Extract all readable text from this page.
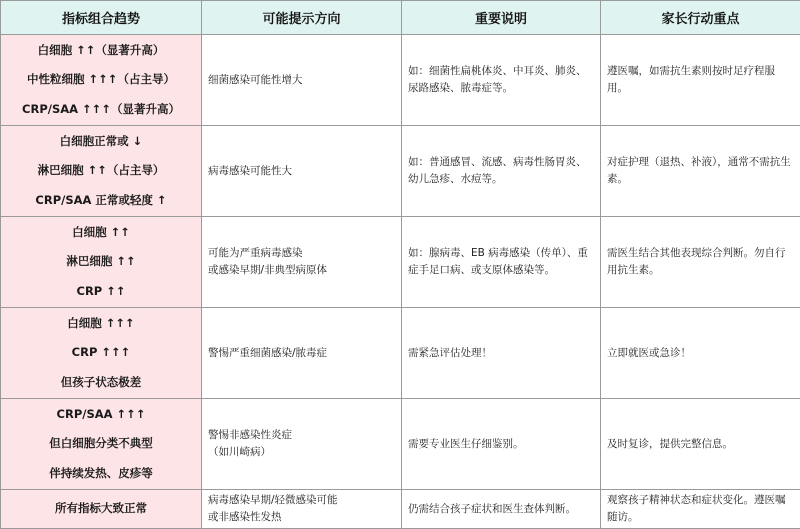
指标组合趋势	可能提示方向	重要说明	家长行动重点

白细胞 ↑↑（显著升高）
中性粒细胞 ↑↑↑（占主导）
CRP/SAA ↑↑↑（显著升高）	细菌感染可能性增大	如：细菌性扁桃体炎、中耳炎、肺炎、尿路感染、脓毒症等。	遵医嘱，如需抗生素则按时足疗程服用。

白细胞正常或 ↓
淋巴细胞 ↑↑（占主导）
CRP/SAA 正常或轻度 ↑	病毒感染可能性大	如：普通感冒、流感、病毒性肠胃炎、幼儿急疹、水痘等。	对症护理（退热、补液），通常不需抗生素。

白细胞 ↑↑
淋巴细胞 ↑↑
CRP ↑↑	可能为严重病毒感染
或感染早期/非典型病原体	如：腺病毒、EB 病毒感染（传单）、重症手足口病、或支原体感染等。	需医生结合其他表现综合判断。勿自行用抗生素。

白细胞 ↑↑↑
CRP ↑↑↑
但孩子状态极差	警惕严重细菌感染/脓毒症	需紧急评估处理！	立即就医或急诊！

CRP/SAA ↑↑↑
但白细胞分类不典型
伴持续发热、皮疹等	警惕非感染性炎症
（如川崎病）	需要专业医生仔细鉴别。	及时复诊，提供完整信息。

所有指标大致正常	病毒感染早期/轻微感染可能
或非感染性发热	仍需结合孩子症状和医生查体判断。	观察孩子精神状态和症状变化。遵医嘱随访。
